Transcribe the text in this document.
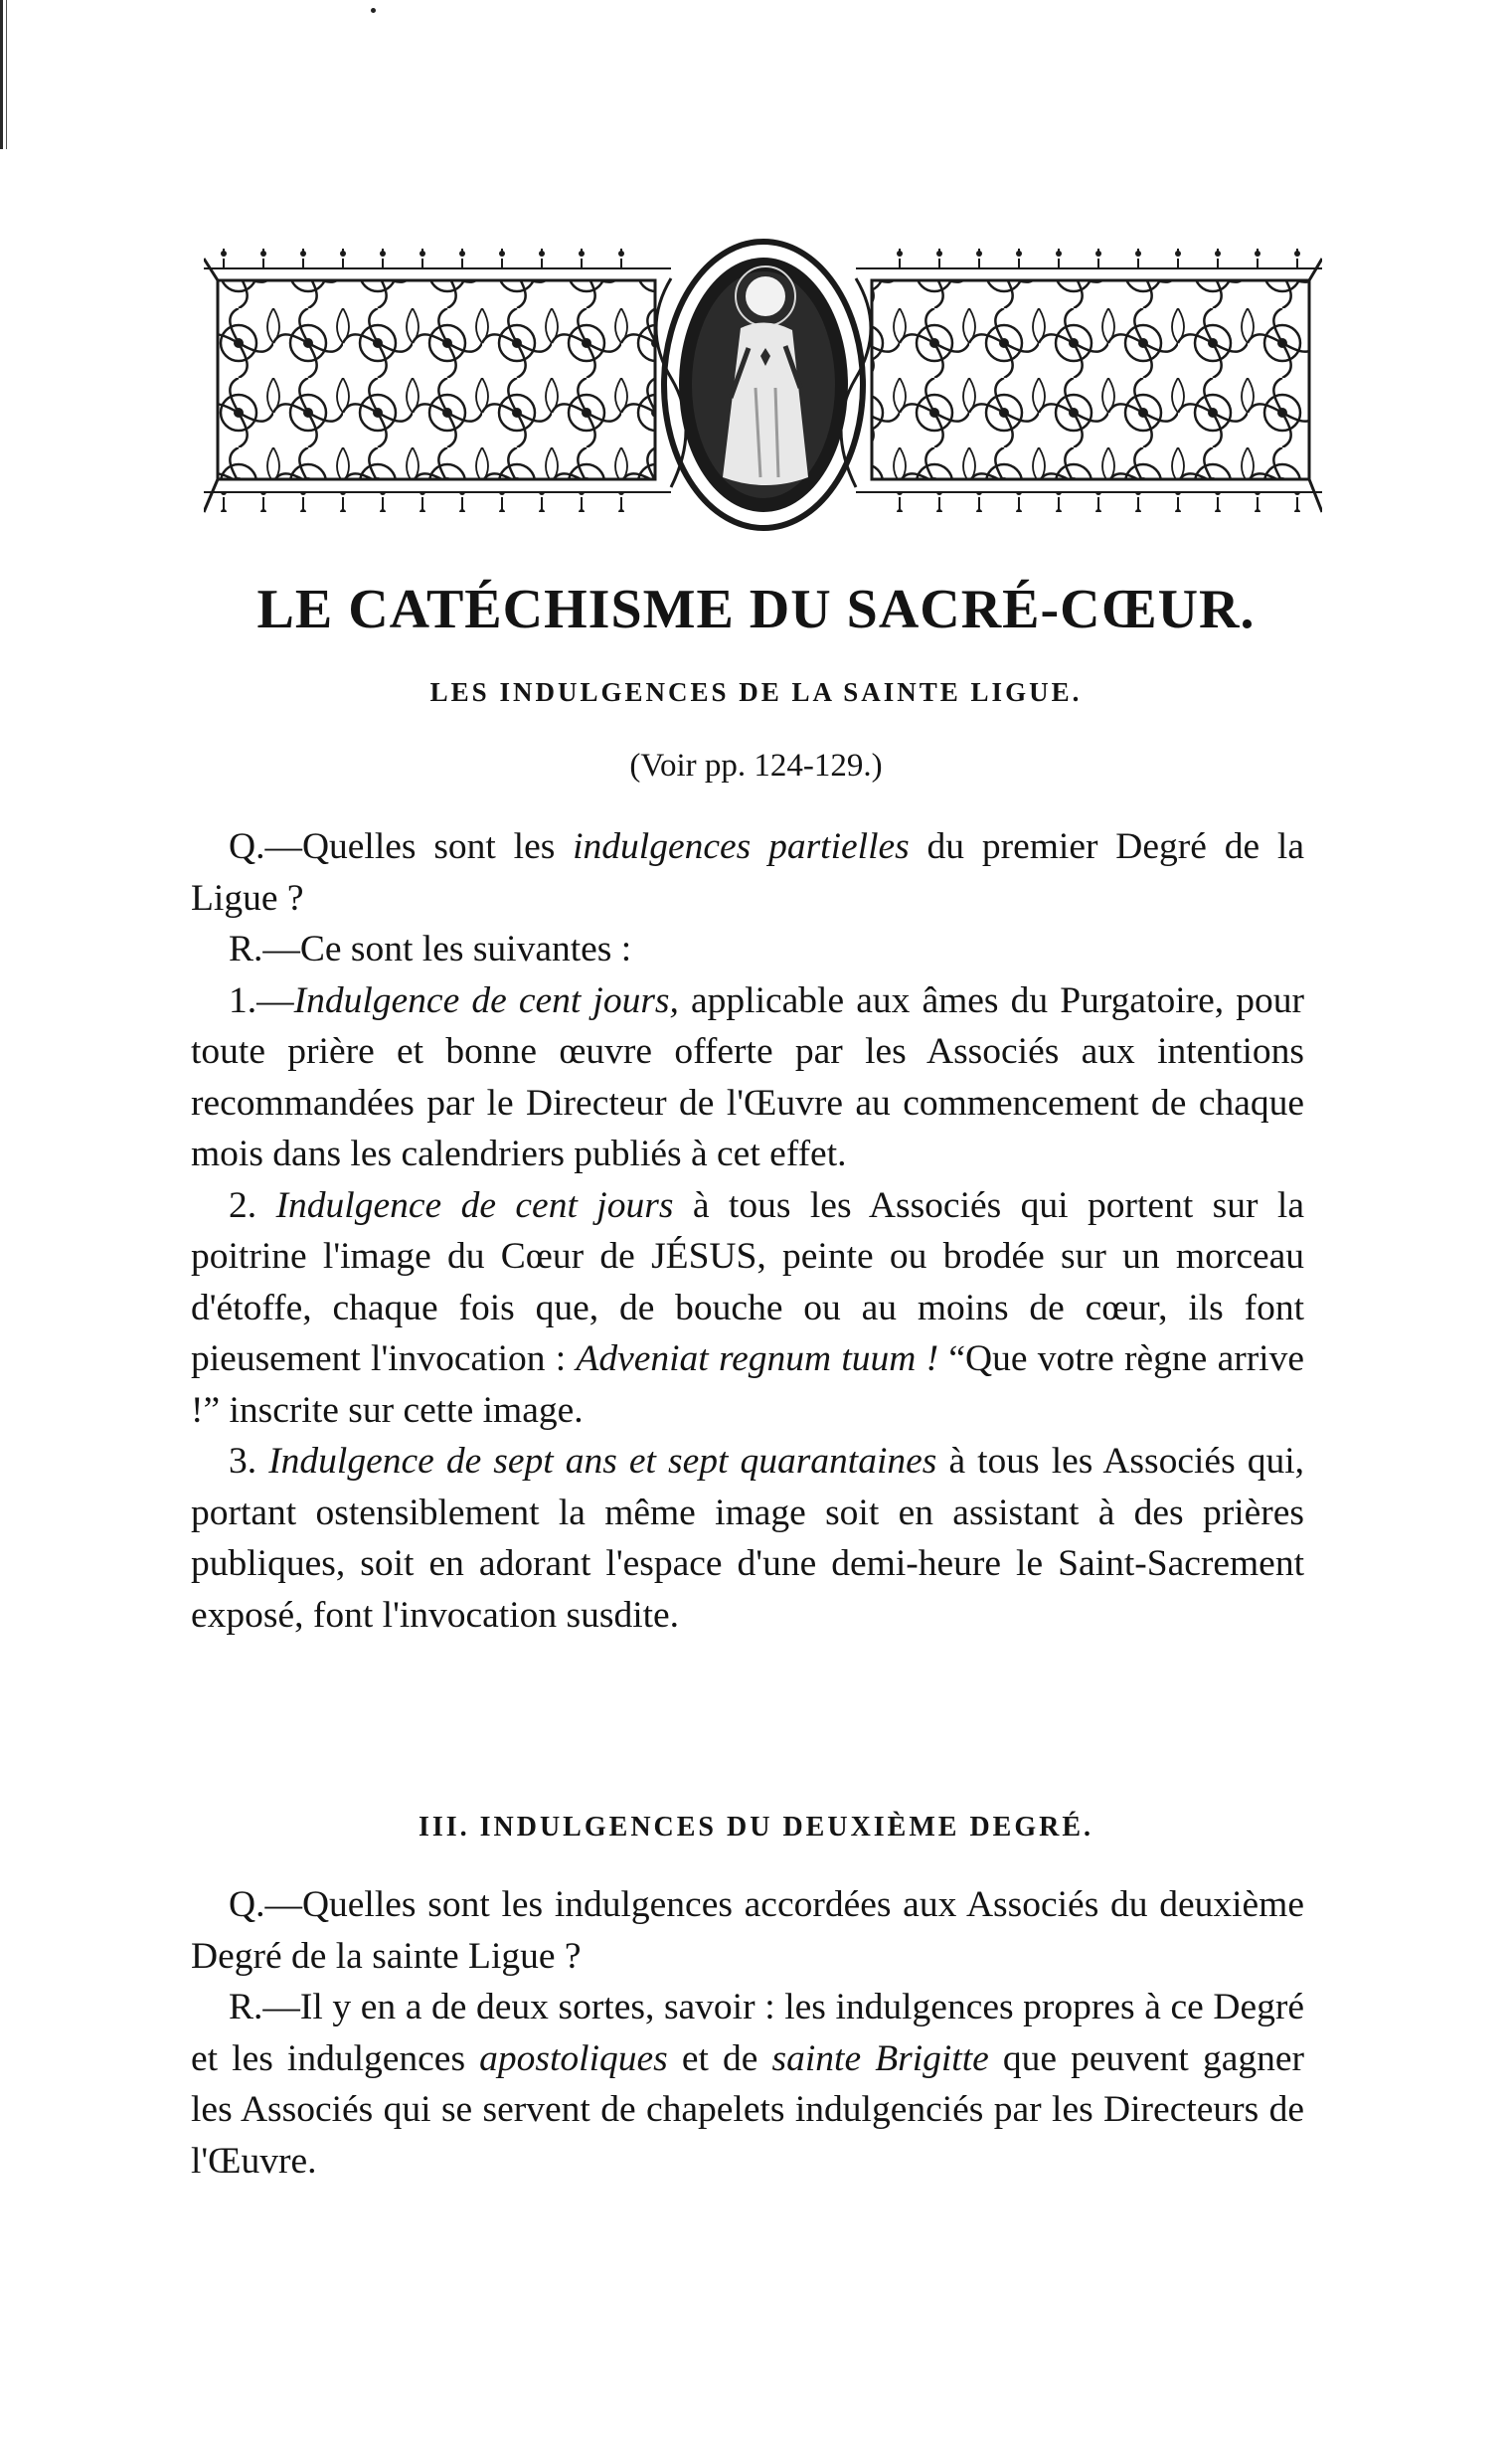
LE CATÉCHISME DU SACRÉ-CŒUR.
LES INDULGENCES DE LA SAINTE LIGUE.

(Voir pp. 124-129.)

Q.—Quelles sont les indulgences partielles du premier Degré de la Ligue ?

R.—Ce sont les suivantes :

1.—Indulgence de cent jours, applicable aux âmes du Purgatoire, pour toute prière et bonne œuvre offerte par les Associés aux intentions recommandées par le Directeur de l'Œuvre au commencement de chaque mois dans les calendriers publiés à cet effet.

2. Indulgence de cent jours à tous les Associés qui portent sur la poitrine l'image du Cœur de JÉSUS, peinte ou brodée sur un morceau d'étoffe, chaque fois que, de bouche ou au moins de cœur, ils font pieusement l'invocation : Adveniat regnum tuum ! “Que votre règne arrive !” inscrite sur cette image.

3. Indulgence de sept ans et sept quarantaines à tous les Associés qui, portant ostensiblement la même image soit en assistant à des prières publiques, soit en adorant l'espace d'une demi-heure le Saint-Sacrement exposé, font l'invocation susdite.

III. INDULGENCES DU DEUXIÈME DEGRÉ.

Q.—Quelles sont les indulgences accordées aux Associés du deuxième Degré de la sainte Ligue ?

R.—Il y en a de deux sortes, savoir : les indulgences propres à ce Degré et les indulgences apostoliques et de sainte Brigitte que peuvent gagner les Associés qui se servent de chapelets indulgenciés par les Directeurs de l'Œuvre.
